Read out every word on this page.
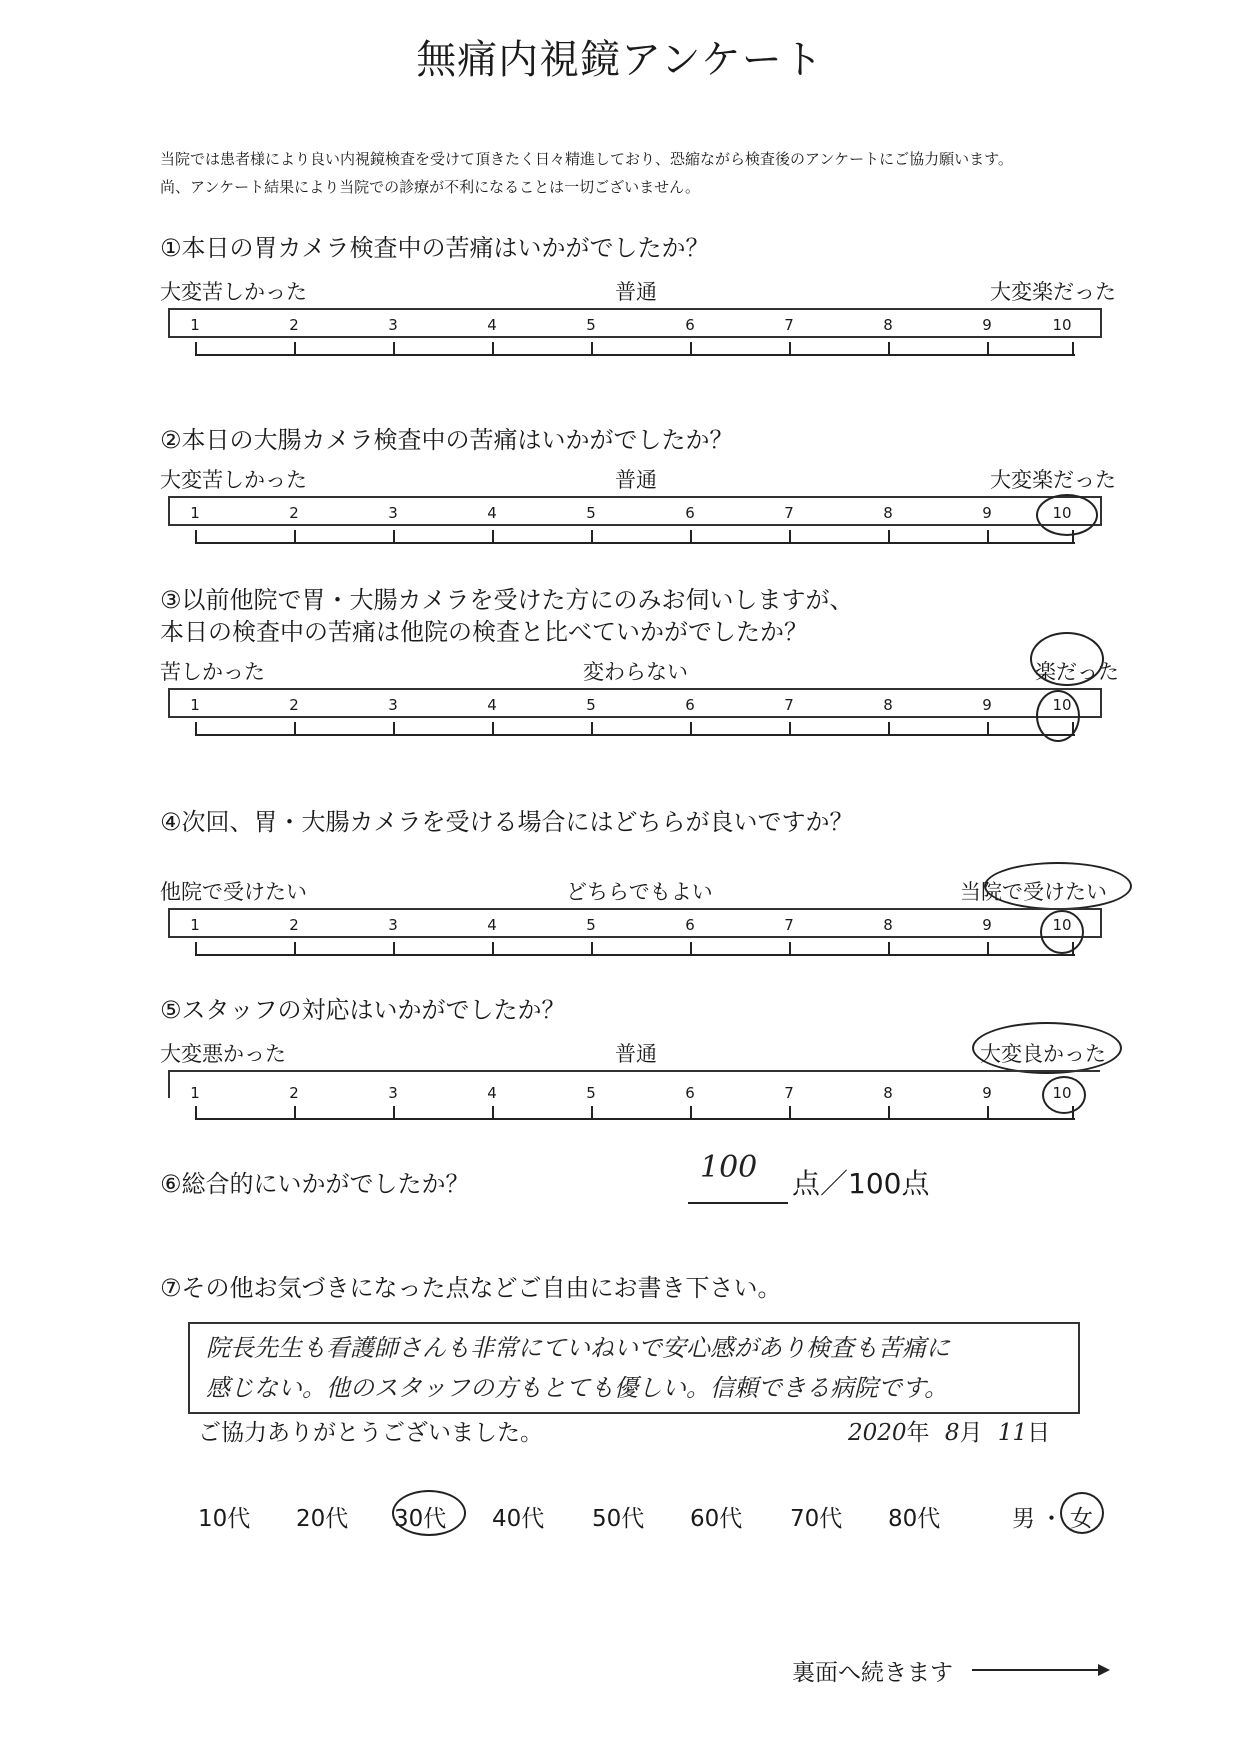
無痛内視鏡アンケート
当院では患者様により良い内視鏡検査を受けて頂きたく日々精進しており、恐縮ながら検査後のアンケートにご協力願います。
尚、アンケート結果により当院での診療が不利になることは一切ございません。
①本日の胃カメラ検査中の苦痛はいかがでしたか？
大変苦しかった	普通	大変楽だった
②本日の大腸カメラ検査中の苦痛はいかがでしたか？
大変苦しかった	普通	大変楽だった
③以前他院で胃・大腸カメラを受けた方にのみお伺いしますが、
本日の検査中の苦痛は他院の検査と比べていかがでしたか？
苦しかった	変わらない	楽だった
④次回、胃・大腸カメラを受ける場合にはどちらが良いですか？
他院で受けたい	どちらでもよい	当院で受けたい
⑤スタッフの対応はいかがでしたか？
大変悪かった	普通	大変良かった
⑥総合的にいかがでしたか？	100 点／100点
⑦その他お気づきになった点などご自由にお書き下さい。
院長先生も看護師さんも非常にていねいで安心感があり検査も苦痛に
感じない。他のスタッフの方もとても優しい。信頼できる病院です。
ご協力ありがとうございました。	2020年 8月 11日
10代 20代 30代 40代 50代 60代 70代 80代	男 ・ 女
裏面へ続きます
1	2	3	4	5	6	7	8	9	10
1	2	3	4	5	6	7	8	9	10
1	2	3	4	5	6	7	8	9	10
1	2	3	4	5	6	7	8	9	10
1	2	3	4	5	6	7	8	9	10
